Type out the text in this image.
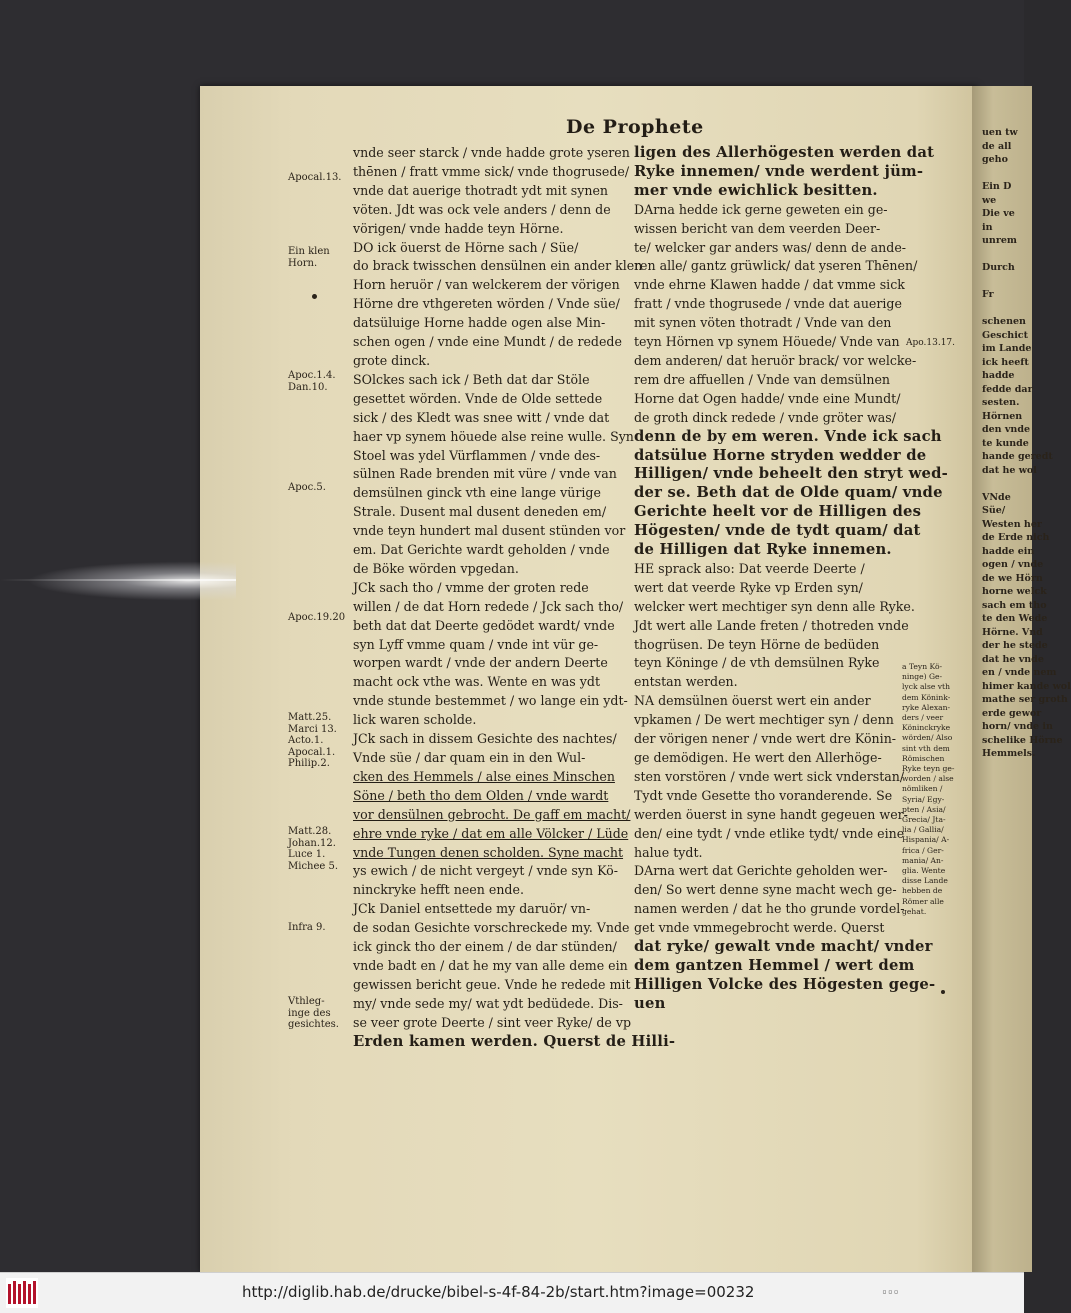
uen tw
de all
geho

Ein D
we
Die ve
in
unrem

Durch

Fr

schenen
Geschict
im Lande
ick heeft
hadde
fedde dar
sesten.
Hörnen
den vnde
te kunde
hande geredt
dat he wol

VNde
Süe/
Westen her
de Erde nich
hadde ein
ogen / vnde
de we Hörn
horne welck
sach em tho
te den Wede
Hörne. Vnd
der he stede
dat he vnde
en / vnde nem
himer kande wol
mathe ser groth
erde gewor
horn/ vnde in
schelike Hörne
Hemmels.
De Prophete
vnde seer starck / vnde hadde grote yseren
thēnen / fratt vmme sick/ vnde thogrusede/
vnde dat auerige thotradt ydt mit synen
vöten. Jdt was ock vele anders / denn de
vörigen/ vnde hadde teyn Hörne.
DO ick öuerst de Hörne sach / Süe/
do brack twisschen densülnen ein ander klen
Horn heruör / van welckerem der vörigen
Hörne dre vthgereten wörden / Vnde süe/
datsüluige Horne hadde ogen alse Min-
schen ogen / vnde eine Mundt / de redede
grote dinck.
SOlckes sach ick / Beth dat dar Stöle
gesettet wörden. Vnde de Olde settede
sick / des Kledt was snee witt / vnde dat
haer vp synem höuede alse reine wulle. Syn
Stoel was ydel Vürflammen / vnde des-
sülnen Rade brenden mit vüre / vnde van
demsülnen ginck vth eine lange vürige
Strale. Dusent mal dusent deneden em/
vnde teyn hundert mal dusent stünden vor
em. Dat Gerichte wardt geholden / vnde
de Böke wörden vpgedan.
JCk sach tho / vmme der groten rede
willen / de dat Horn redede / Jck sach tho/
beth dat dat Deerte gedödet wardt/ vnde
syn Lyff vmme quam / vnde int vür ge-
worpen wardt / vnde der andern Deerte
macht ock vthe was. Wente en was ydt
vnde stunde bestemmet / wo lange ein ydt-
lick waren scholde.
JCk sach in dissem Gesichte des nachtes/
Vnde süe / dar quam ein in den Wul-
cken des Hemmels / alse eines Minschen
Söne / beth tho dem Olden / vnde wardt
vor densülnen gebrocht. De gaff em macht/
ehre vnde ryke / dat em alle Völcker / Lüde
vnde Tungen denen scholden. Syne macht
ys ewich / de nicht vergeyt / vnde syn Kö-
ninckryke hefft neen ende.
JCk Daniel entsettede my daruör/ vn-
de sodan Gesichte vorschreckede my. Vnde
ick ginck tho der einem / de dar stünden/
vnde badt en / dat he my van alle deme ein
gewissen bericht geue. Vnde he redede mit
my/ vnde sede my/ wat ydt bedüdede. Dis-
se veer grote Deerte / sint veer Ryke/ de vp
Erden kamen werden. Querst de Hilli-
ligen des Allerhögesten werden dat
Ryke innemen/ vnde werdent jüm-
mer vnde ewichlick besitten.
DArna hedde ick gerne geweten ein ge-
wissen bericht van dem veerden Deer-
te/ welcker gar anders was/ denn de ande-
ren alle/ gantz grüwlick/ dat yseren Thēnen/
vnde ehrne Klawen hadde / dat vmme sick
fratt / vnde thogrusede / vnde dat auerige
mit synen vöten thotradt / Vnde van den
teyn Hörnen vp synem Höuede/ Vnde van
dem anderen/ dat heruör brack/ vor welcke-
rem dre affuellen / Vnde van demsülnen
Horne dat Ogen hadde/ vnde eine Mundt/
de groth dinck redede / vnde gröter was/
denn de by em weren. Vnde ick sach
datsülue Horne stryden wedder de
Hilligen/ vnde beheelt den stryt wed-
der se. Beth dat de Olde quam/ vnde
Gerichte heelt vor de Hilligen des
Högesten/ vnde de tydt quam/ dat
de Hilligen dat Ryke innemen.
HE sprack also: Dat veerde Deerte /
wert dat veerde Ryke vp Erden syn/
welcker wert mechtiger syn denn alle Ryke.
Jdt wert alle Lande freten / thotreden vnde
thogrüsen. De teyn Hörne de bedüden
teyn Köninge / de vth demsülnen Ryke
entstan werden.
NA demsülnen öuerst wert ein ander
vpkamen / De wert mechtiger syn / denn
der vörigen nener / vnde wert dre Könin-
ge demödigen. He wert den Allerhöge-
sten vorstören / vnde wert sick vnderstan/
Tydt vnde Gesette tho voranderende. Se
werden öuerst in syne handt gegeuen wer-
den/ eine tydt / vnde etlike tydt/ vnde eine
halue tydt.
DArna wert dat Gerichte geholden wer-
den/ So wert denne syne macht wech ge-
namen werden / dat he tho grunde vordel-
get vnde vmmegebrocht werde. Querst
dat ryke/ gewalt vnde macht/ vnder
dem gantzen Hemmel / wert dem
Hilligen Volcke des Högesten gege-
uen
Apocal.13.
Ein klen
Horn.
Apoc.1.4.
Dan.10.
Apoc.5.
Apoc.19.20
Matt.25.
Marci 13.
Acto.1.
Apocal.1.
Philip.2.
Matt.28.
Johan.12.
Luce 1.
Michee 5.
Infra 9.
Vthleg-
inge des
gesichtes.
Apo.13.17.
a Teyn Kö-
ninge) Ge-
lyck alse vth
dem Könink-
ryke Alexan-
ders / veer
Köninckryke
wörden/ Also
sint vth dem
Römischen
Ryke teyn ge-
worden / alse
nömliken /
Syria/ Egy-
pten / Asia/
Grecia/ Jta-
lia / Gallia/
Hispania/ A-
frica / Ger-
mania/ An-
glia. Wente
disse Lande
hebben de
Römer alle
gehat.
http://diglib.hab.de/drucke/bibel-s-4f-84-2b/start.htm?image=00232	▫▫▫
